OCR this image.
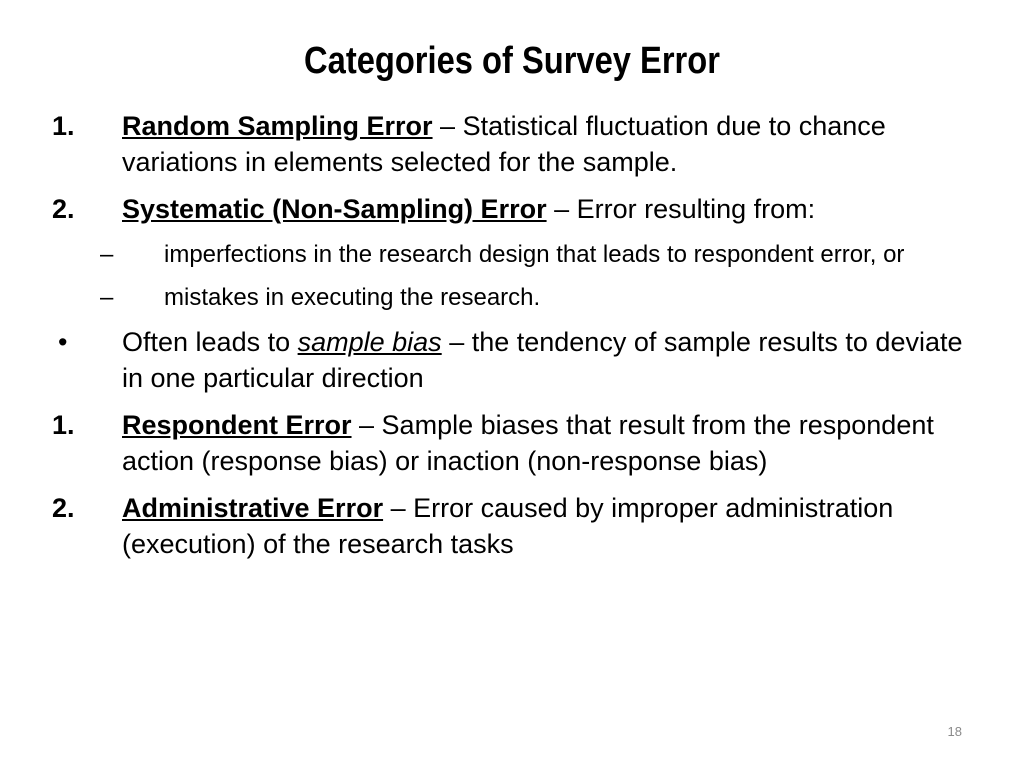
Categories of Survey Error
1.	Random Sampling Error – Statistical fluctuation due to chance variations in elements selected for the sample.
2.	Systematic (Non-Sampling) Error – Error resulting from:
–	imperfections in the research design that leads to respondent error, or
–	mistakes in executing the research.
•	Often leads to sample bias – the tendency of sample results to deviate in one particular direction
1.	Respondent Error – Sample biases that result from the respondent action (response bias) or inaction (non-response bias)
2.	Administrative Error – Error caused by improper administration (execution) of the research tasks
18
